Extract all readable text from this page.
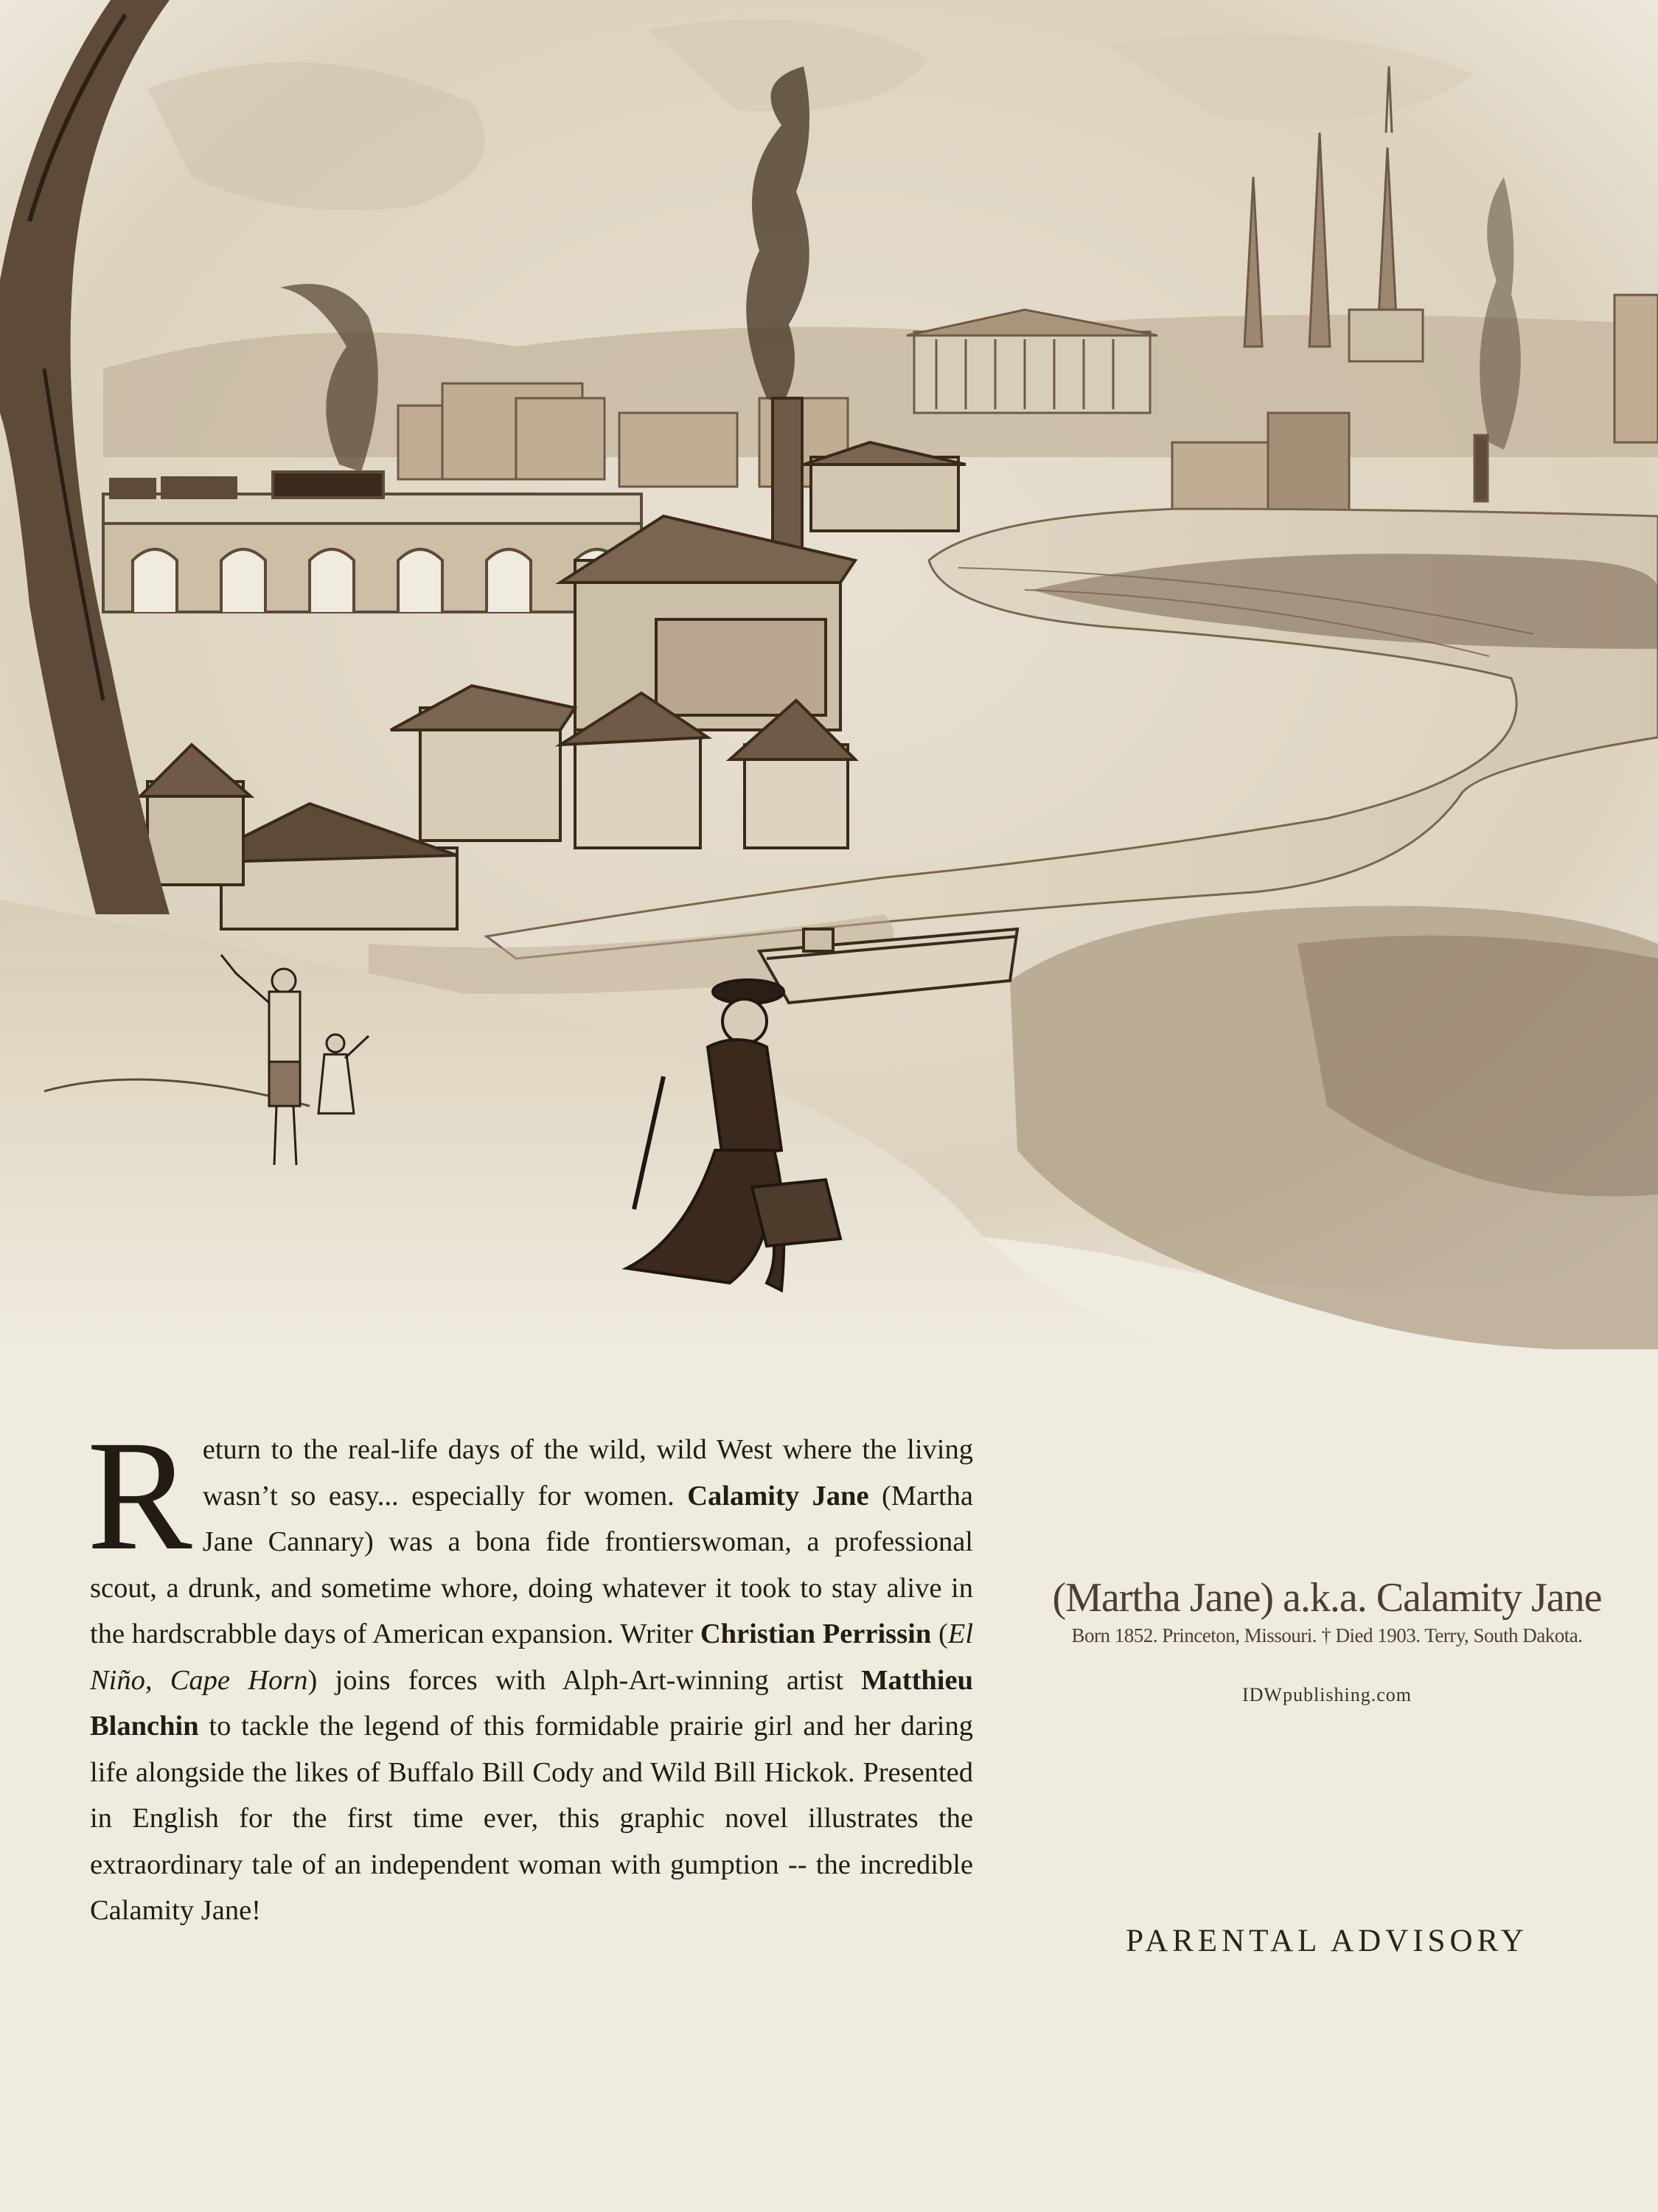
Return to the real-life days of the wild, wild West where the living wasn’t so easy... especially for women. Calamity Jane (Martha Jane Cannary) was a bona fide frontierswoman, a professional scout, a drunk, and sometime whore, doing whatever it took to stay alive in the hardscrabble days of American expansion. Writer Christian Perrissin (El Niño, Cape Horn) joins forces with Alph-Art-winning artist Matthieu Blanchin to tackle the legend of this formidable prairie girl and her daring life alongside the likes of Buffalo Bill Cody and Wild Bill Hickok. Presented in English for the first time ever, this graphic novel illustrates the extraordinary tale of an independent woman with gumption -- the incredible Calamity Jane!
(Martha Jane) a.k.a. Calamity Jane
Born 1852. Princeton, Missouri. † Died 1903. Terry, South Dakota.
IDWpublishing.com
PARENTAL ADVISORY
